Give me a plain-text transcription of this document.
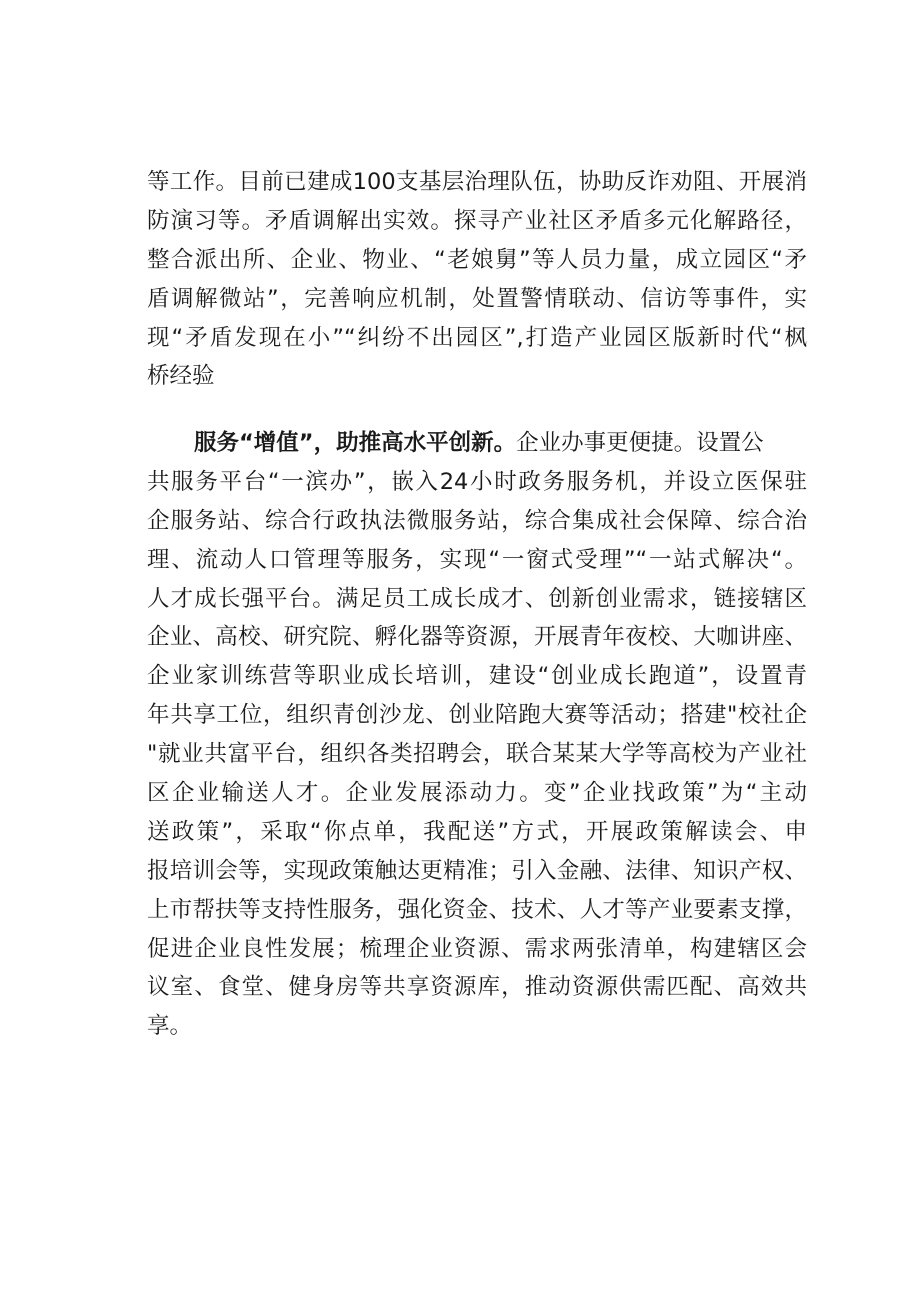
等工作。目前已建成100支基层治理队伍，协助反诈劝阻、开展消
防演习等。矛盾调解出实效。探寻产业社区矛盾多元化解路径，
整合派出所、企业、物业、“老娘舅”等人员力量，成立园区“矛
盾调解微站”，完善响应机制，处置警情联动、信访等事件，实
现“矛盾发现在小”“纠纷不出园区”,打造产业园区版新时代“枫
桥经验
服务“增值”，助推高水平创新。企业办事更便捷。设置公
共服务平台“一滨办”，嵌入24小时政务服务机，并设立医保驻
企服务站、综合行政执法微服务站，综合集成社会保障、综合治
理、流动人口管理等服务，实现“一窗式受理”“一站式解决“。
人才成长强平台。满足员工成长成才、创新创业需求，链接辖区
企业、高校、研究院、孵化器等资源，开展青年夜校、大咖讲座、
企业家训练营等职业成长培训，建设“创业成长跑道”，设置青
年共享工位，组织青创沙龙、创业陪跑大赛等活动；搭建"校社企
"就业共富平台，组织各类招聘会，联合某某大学等高校为产业社
区企业输送人才。企业发展添动力。变”企业找政策”为“主动
送政策”，采取“你点单，我配送”方式，开展政策解读会、申
报培训会等，实现政策触达更精准；引入金融、法律、知识产权、
上市帮扶等支持性服务，强化资金、技术、人才等产业要素支撑，
促进企业良性发展；梳理企业资源、需求两张清单，构建辖区会
议室、食堂、健身房等共享资源库，推动资源供需匹配、高效共
享。
